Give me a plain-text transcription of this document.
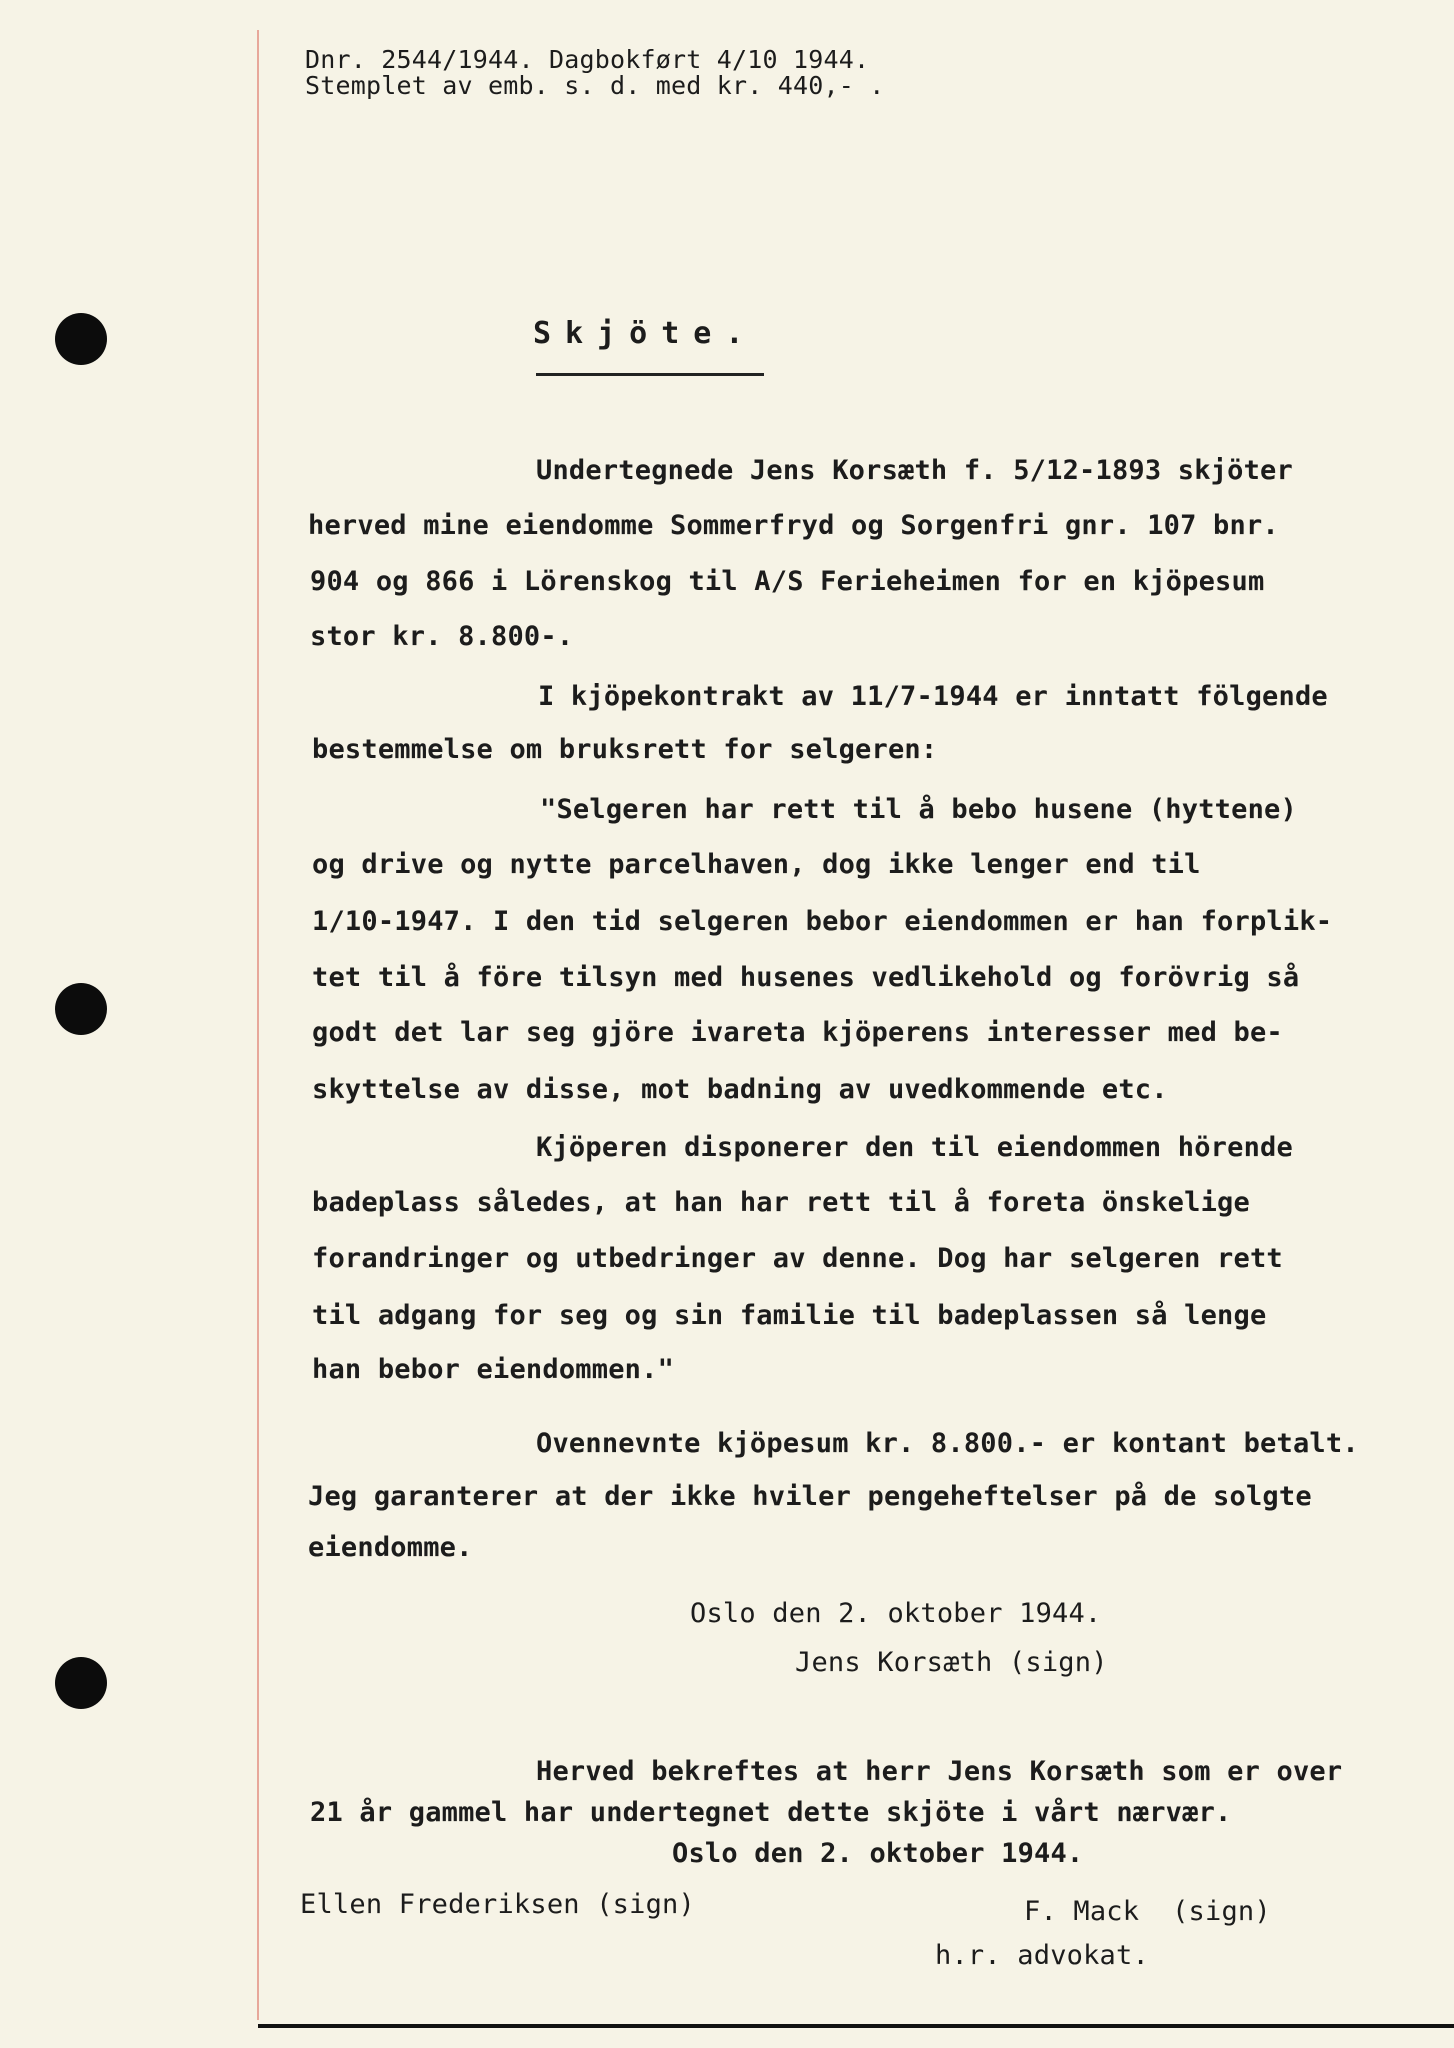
Dnr. 2544/1944. Dagbokført 4/10 1944.
Stemplet av emb. s. d. med kr. 440,- .
Skjöte.
Undertegnede Jens Korsæth f. 5/12-1893 skjöter
herved mine eiendomme Sommerfryd og Sorgenfri gnr. 107 bnr.
904 og 866 i Lörenskog til A/S Ferieheimen for en kjöpesum
stor kr. 8.800-.
I kjöpekontrakt av 11/7-1944 er inntatt fölgende
bestemmelse om bruksrett for selgeren:
"Selgeren har rett til å bebo husene (hyttene)
og drive og nytte parcelhaven, dog ikke lenger end til
1/10-1947. I den tid selgeren bebor eiendommen er han forplik-
tet til å före tilsyn med husenes vedlikehold og forövrig så
godt det lar seg gjöre ivareta kjöperens interesser med be-
skyttelse av disse, mot badning av uvedkommende etc.
Kjöperen disponerer den til eiendommen hörende
badeplass således, at han har rett til å foreta önskelige
forandringer og utbedringer av denne. Dog har selgeren rett
til adgang for seg og sin familie til badeplassen så lenge
han bebor eiendommen."
Ovennevnte kjöpesum kr. 8.800.- er kontant betalt.
Jeg garanterer at der ikke hviler pengeheftelser på de solgte
eiendomme.
Oslo den 2. oktober 1944.
Jens Korsæth (sign)
Herved bekreftes at herr Jens Korsæth som er over
21 år gammel har undertegnet dette skjöte i vårt nærvær.
Oslo den 2. oktober 1944.
Ellen Frederiksen (sign)	F. Mack  (sign)
h.r. advokat.
